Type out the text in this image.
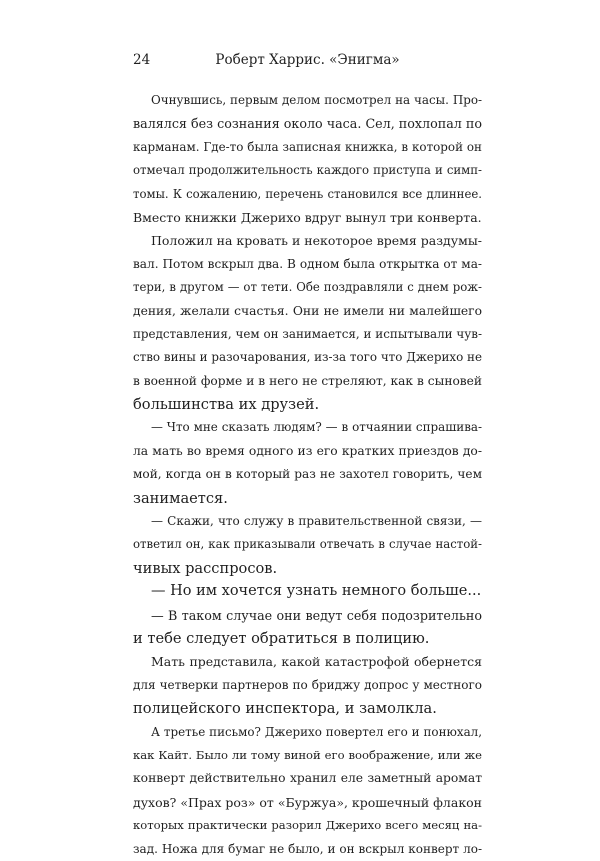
24	Роберт Харрис. «Энигма»
Очнувшись, первым делом посмотрел на часы. Про-
валялся без сознания около часа. Сел, похлопал по
карманам. Где-то была записная книжка, в которой он
отмечал продолжительность каждого приступа и симп-
томы. К сожалению, перечень становился все длиннее.
Вместо книжки Джерихо вдруг вынул три конверта.
Положил на кровать и некоторое время раздумы-
вал. Потом вскрыл два. В одном была открытка от ма-
тери, в другом — от тети. Обе поздравляли с днем рож-
дения, желали счастья. Они не имели ни малейшего
представления, чем он занимается, и испытывали чув-
ство вины и разочарования, из-за того что Джерихо не
в военной форме и в него не стреляют, как в сыновей
большинства их друзей.
— Что мне сказать людям? — в отчаянии спрашива-
ла мать во время одного из его кратких приездов до-
мой, когда он в который раз не захотел говорить, чем
занимается.
— Скажи, что служу в правительственной связи, —
ответил он, как приказывали отвечать в случае настой-
чивых расспросов.
— Но им хочется узнать немного больше...
— В таком случае они ведут себя подозрительно
и тебе следует обратиться в полицию.
Мать представила, какой катастрофой обернется
для четверки партнеров по бриджу допрос у местного
полицейского инспектора, и замолкла.
А третье письмо? Джерихо повертел его и понюхал,
как Кайт. Было ли тому виной его воображение, или же
конверт действительно хранил еле заметный аромат
духов? «Прах роз» от «Буржуа», крошечный флакон
которых практически разорил Джерихо всего месяц на-
зад. Ножа для бумаг не было, и он вскрыл конверт ло-
